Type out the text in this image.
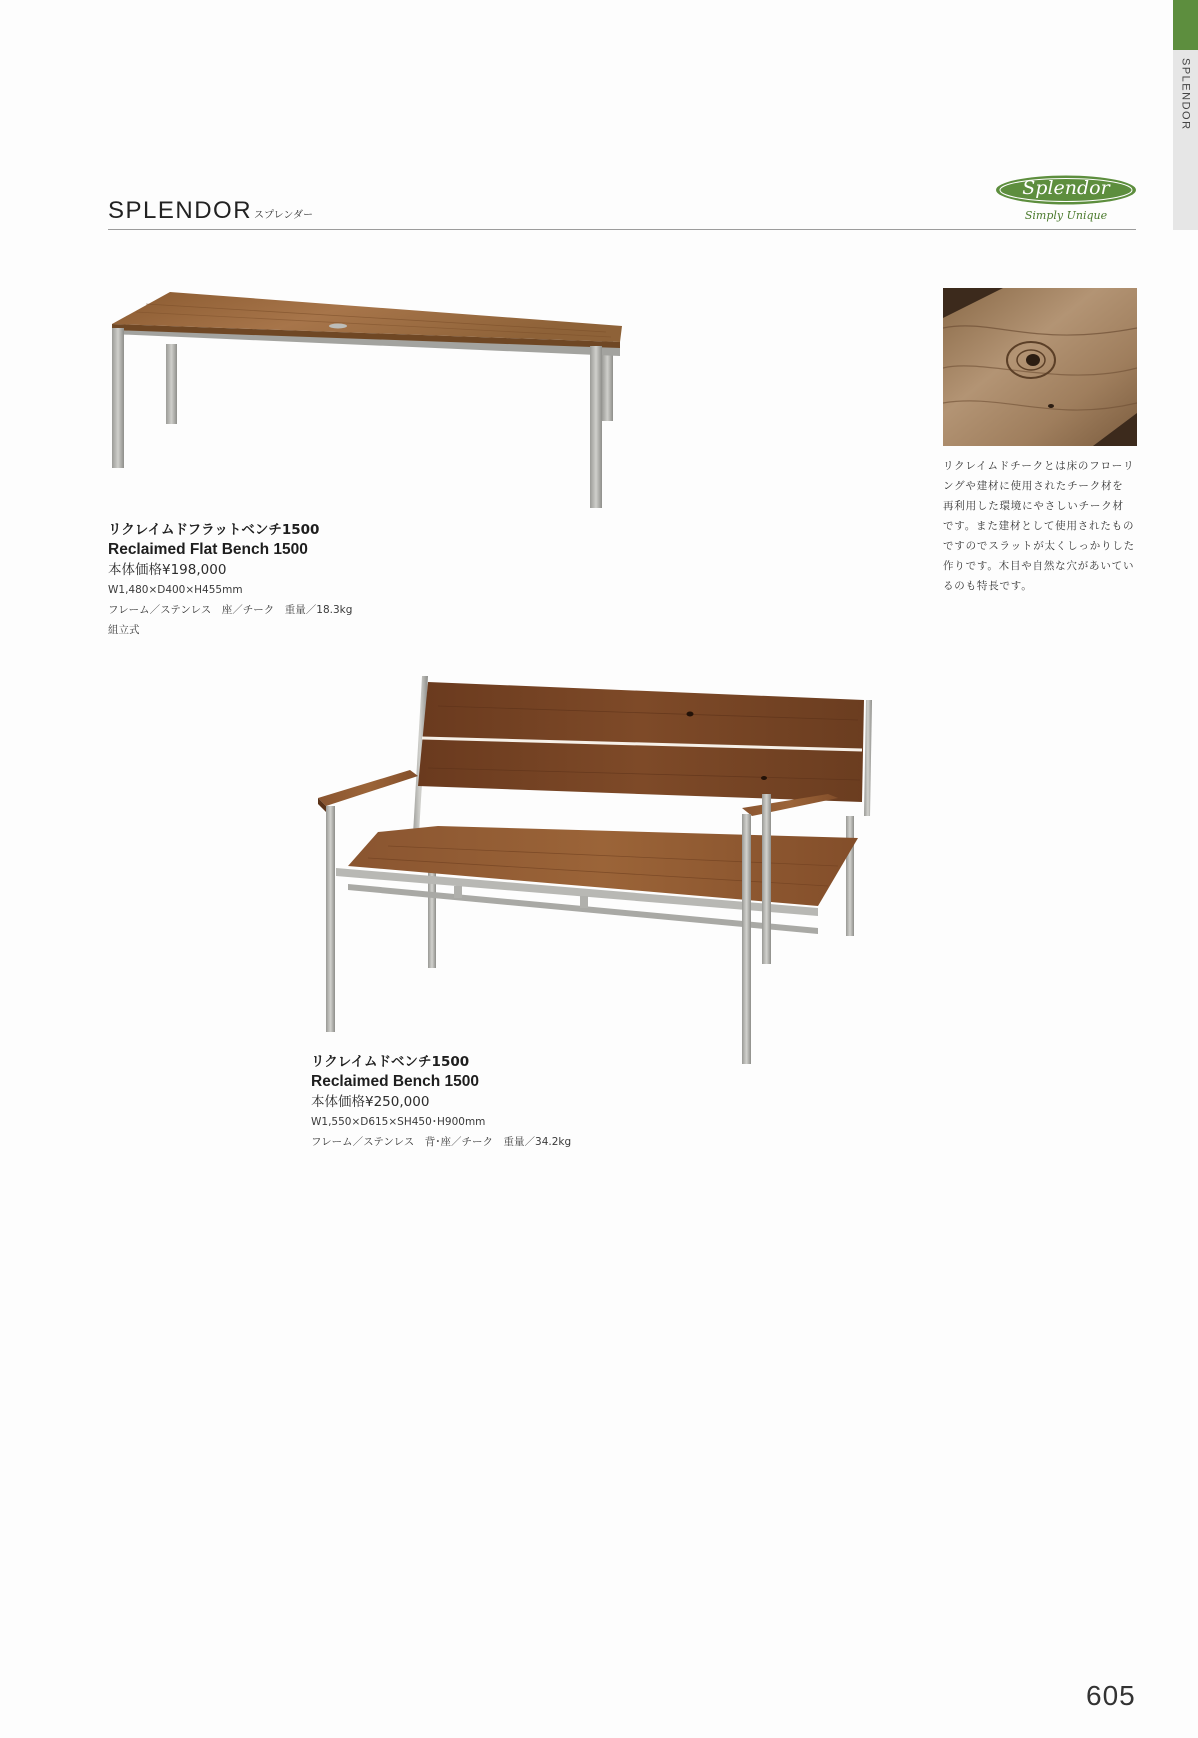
SPLENDOR
SPLENDOR スプレンダー
Splendor
Simply Unique
リクレイムドチークとは床のフローリ
ングや建材に使用されたチーク材を
再利用した環境にやさしいチーク材
です。また建材として使用されたもの
ですのでスラットが太くしっかりした
作りです。木目や自然な穴があいてい
るのも特長です。
リクレイムドフラットベンチ1500
Reclaimed Flat Bench 1500
本体価格¥198,000
W1,480×D400×H455mm
フレーム／ステンレス　座／チーク　重量／18.3kg
組立式
リクレイムドベンチ1500
Reclaimed Bench 1500
本体価格¥250,000
W1,550×D615×SH450･H900mm
フレーム／ステンレス　背･座／チーク　重量／34.2kg
605
